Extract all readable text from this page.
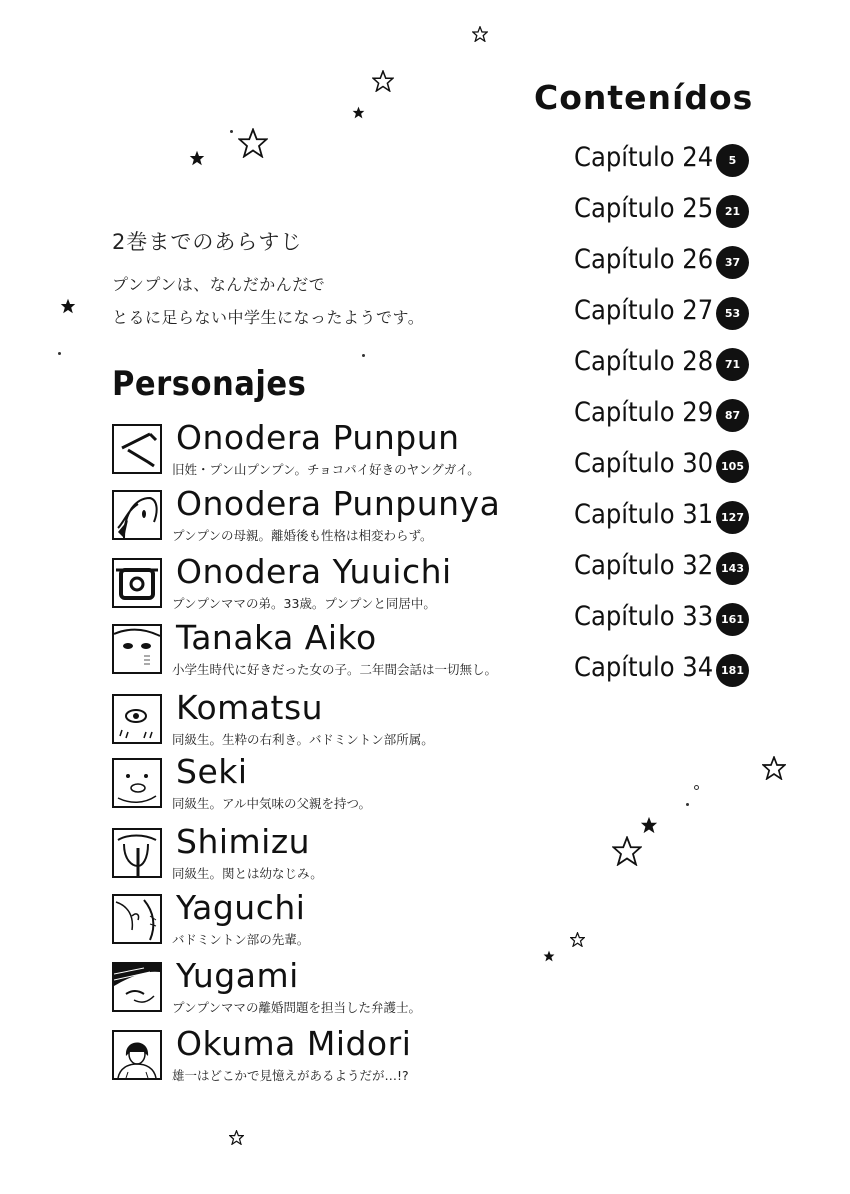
2巻までのあらすじ
プンプンは、なんだかんだで
とるに足らない中学生になったようです。
Personajes
Onodera Punpun
旧姓・プン山プンプン。チョコパイ好きのヤングガイ。
Onodera Punpunya
プンプンの母親。離婚後も性格は相変わらず。
Onodera Yuuichi
プンプンママの弟。33歳。プンプンと同居中。
Tanaka Aiko
小学生時代に好きだった女の子。二年間会話は一切無し。
Komatsu
同級生。生粋の右利き。バドミントン部所属。
Seki
同級生。アル中気味の父親を持つ。
Shimizu
同級生。関とは幼なじみ。
Yaguchi
バドミントン部の先輩。
Yugami
プンプンママの離婚問題を担当した弁護士。
Okuma Midori
雄一はどこかで見憶えがあるようだが…!?
Contenídos
Capítulo 24	5
Capítulo 25	21
Capítulo 26	37
Capítulo 27	53
Capítulo 28	71
Capítulo 29	87
Capítulo 30 105
Capítulo 31 127
Capítulo 32 143
Capítulo 33 161
Capítulo 34 181
